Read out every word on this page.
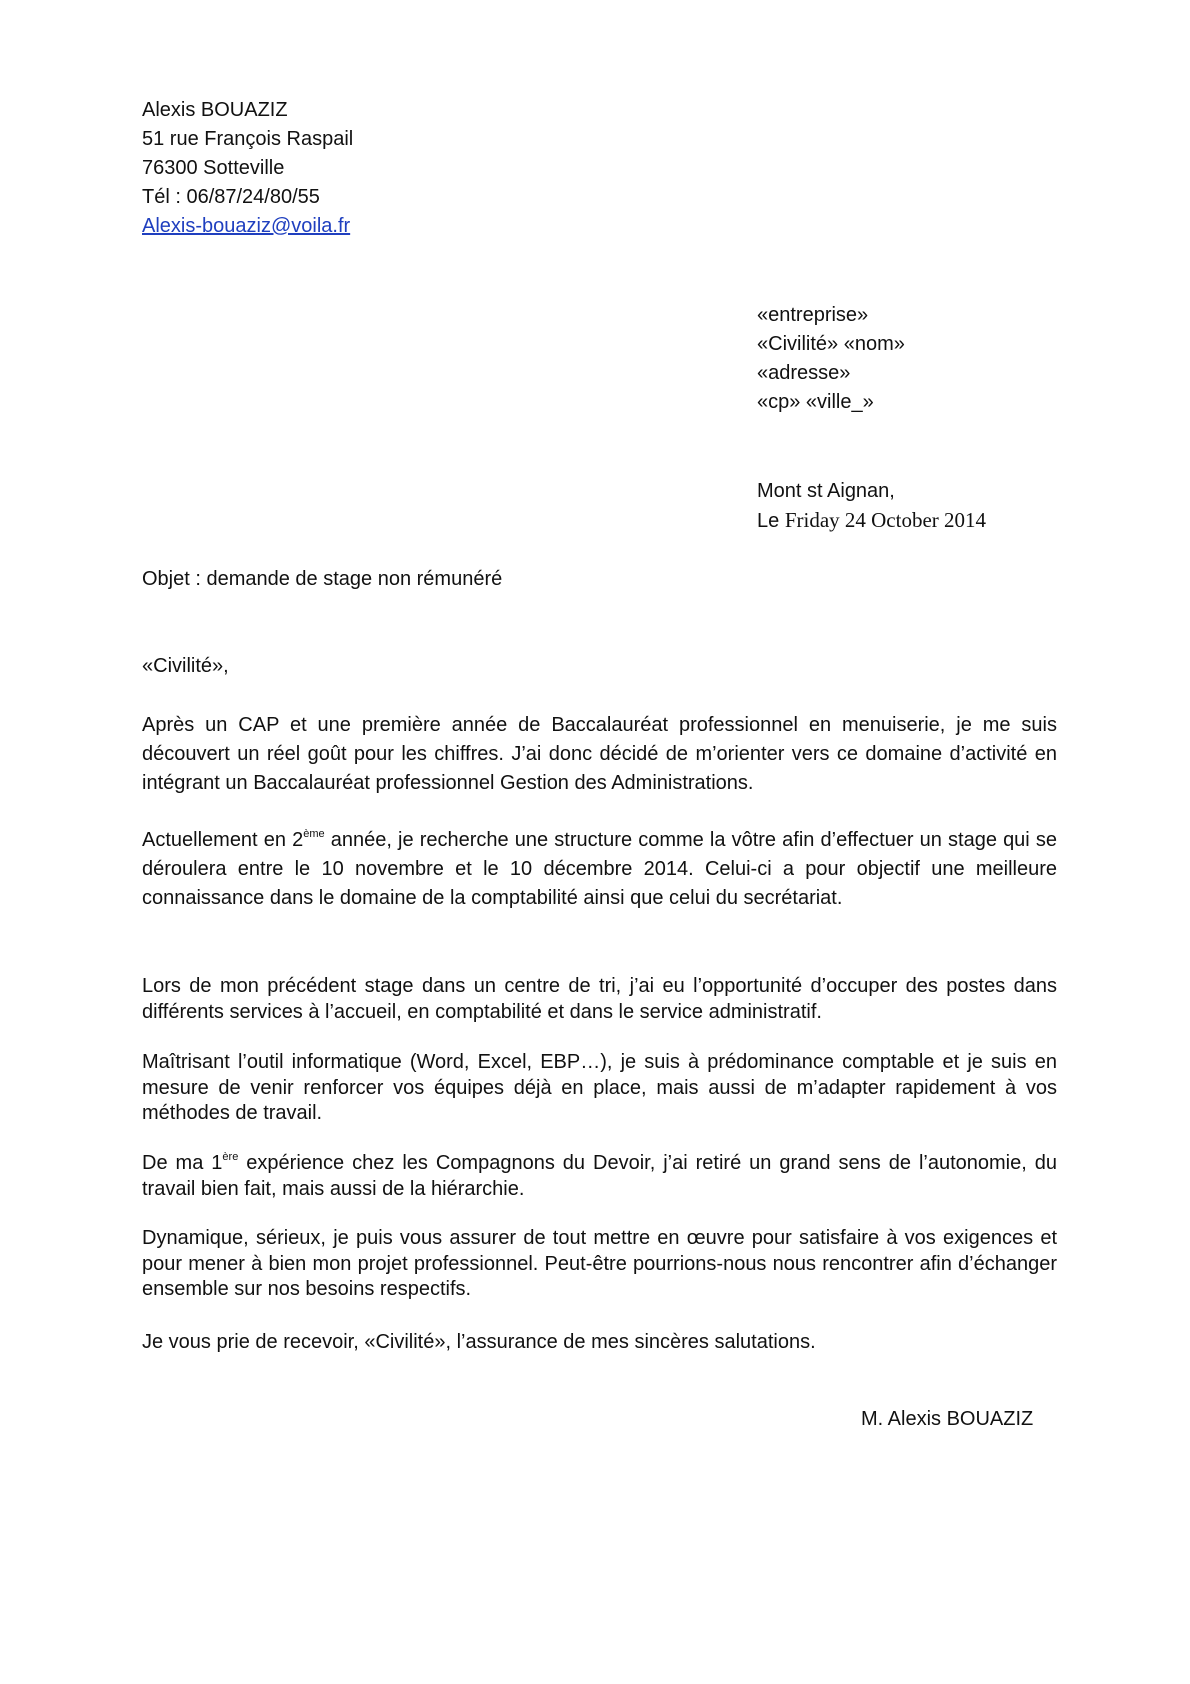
Alexis BOUAZIZ
51 rue François Raspail
76300 Sotteville
Tél : 06/87/24/80/55
Alexis-bouaziz@voila.fr
«entreprise»
«Civilité» «nom»
«adresse»
«cp» «ville_»
Mont st Aignan,
Le Friday 24 October 2014
Objet : demande de stage non rémunéré
«Civilité»,
Après un CAP et une première année de Baccalauréat professionnel en menuiserie, je me suis découvert un réel goût pour les chiffres. J’ai donc décidé de m’orienter vers ce domaine d’activité en intégrant un Baccalauréat professionnel Gestion des Administrations.
Actuellement en 2ème année, je recherche une structure comme la vôtre afin d’effectuer un stage qui se déroulera entre le 10 novembre et le 10 décembre 2014. Celui-ci a pour objectif une meilleure connaissance dans le domaine de la comptabilité ainsi que celui du secrétariat.
Lors de mon précédent stage dans un centre de tri, j’ai eu l’opportunité d’occuper des postes dans différents services à l’accueil, en comptabilité et dans le service administratif.
Maîtrisant l’outil informatique (Word, Excel, EBP…), je suis à prédominance comptable et je suis en mesure de venir renforcer vos équipes déjà en place, mais aussi de m’adapter rapidement à vos méthodes de travail.
De ma 1ère expérience chez les Compagnons du Devoir, j’ai retiré un grand sens de l’autonomie, du travail bien fait, mais aussi de la hiérarchie.
Dynamique, sérieux, je puis vous assurer de tout mettre en œuvre pour satisfaire à vos exigences et pour mener à bien mon projet professionnel. Peut-être pourrions-nous nous rencontrer afin d’échanger ensemble sur nos besoins respectifs.
Je vous prie de recevoir, «Civilité», l’assurance de mes sincères salutations.
M. Alexis BOUAZIZ
